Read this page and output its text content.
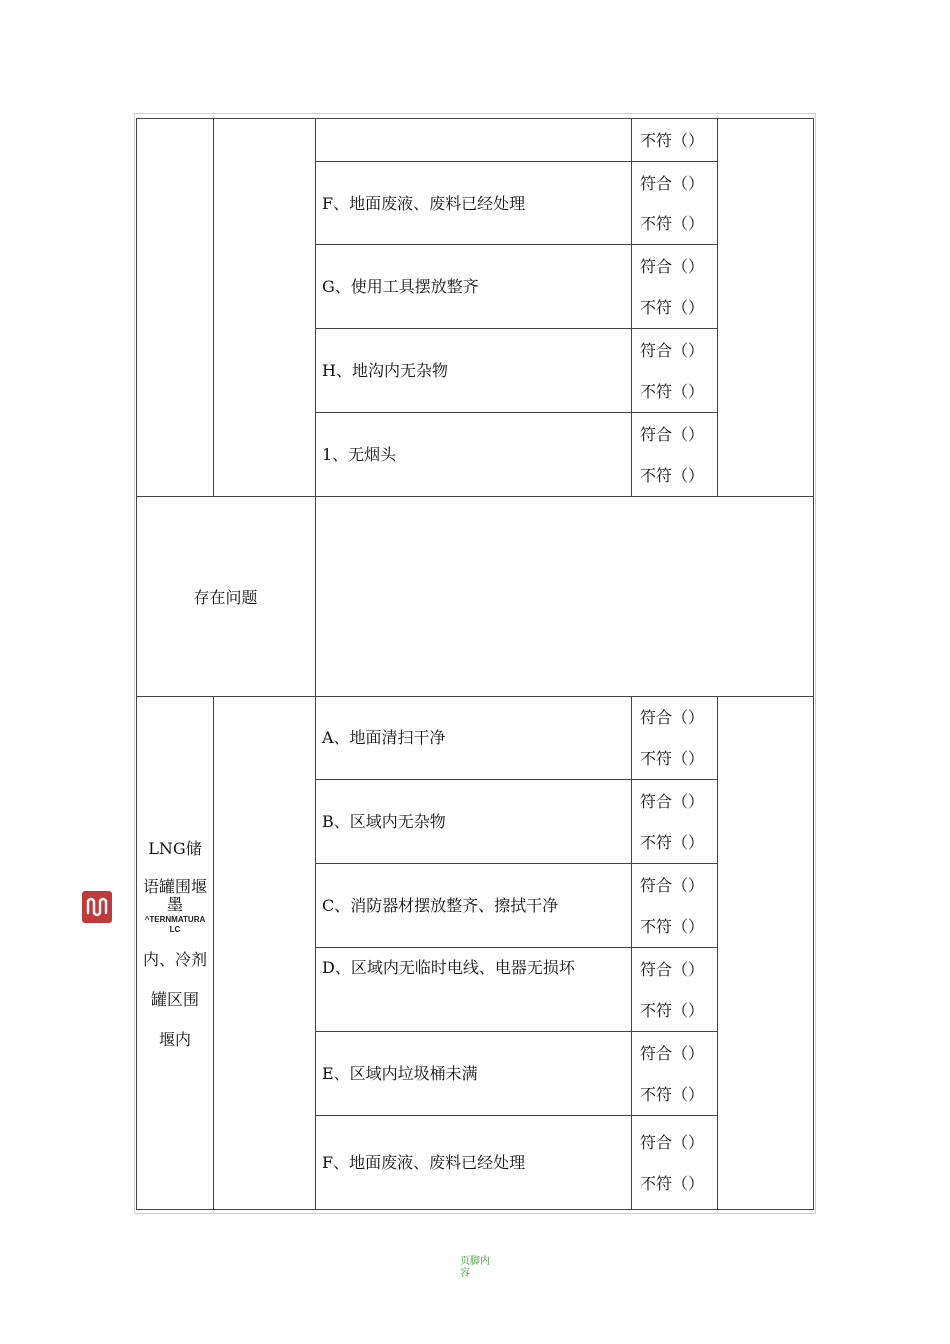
不符（）
F、地面废液、废料已经处理
符合（）
不符（）
G、使用工具摆放整齐
符合（）
不符（）
H、地沟内无杂物
符合（）
不符（）
1、无烟头
符合（）
不符（）
存在问题
LNG储
语罐围堰墨
^TERNMATURA
LC
内、冷剂
罐区围
堰内
A、地面清扫干净
符合（）
不符（）
B、区域内无杂物
符合（）
不符（）
C、消防器材摆放整齐、擦拭干净
符合（）
不符（）
D、区域内无临时电线、电器无损坏	符合（）
不符（）
E、区域内垃圾桶未满
符合（）
不符（）
F、地面废液、废料已经处理
符合（）
不符（）
页脚内容
